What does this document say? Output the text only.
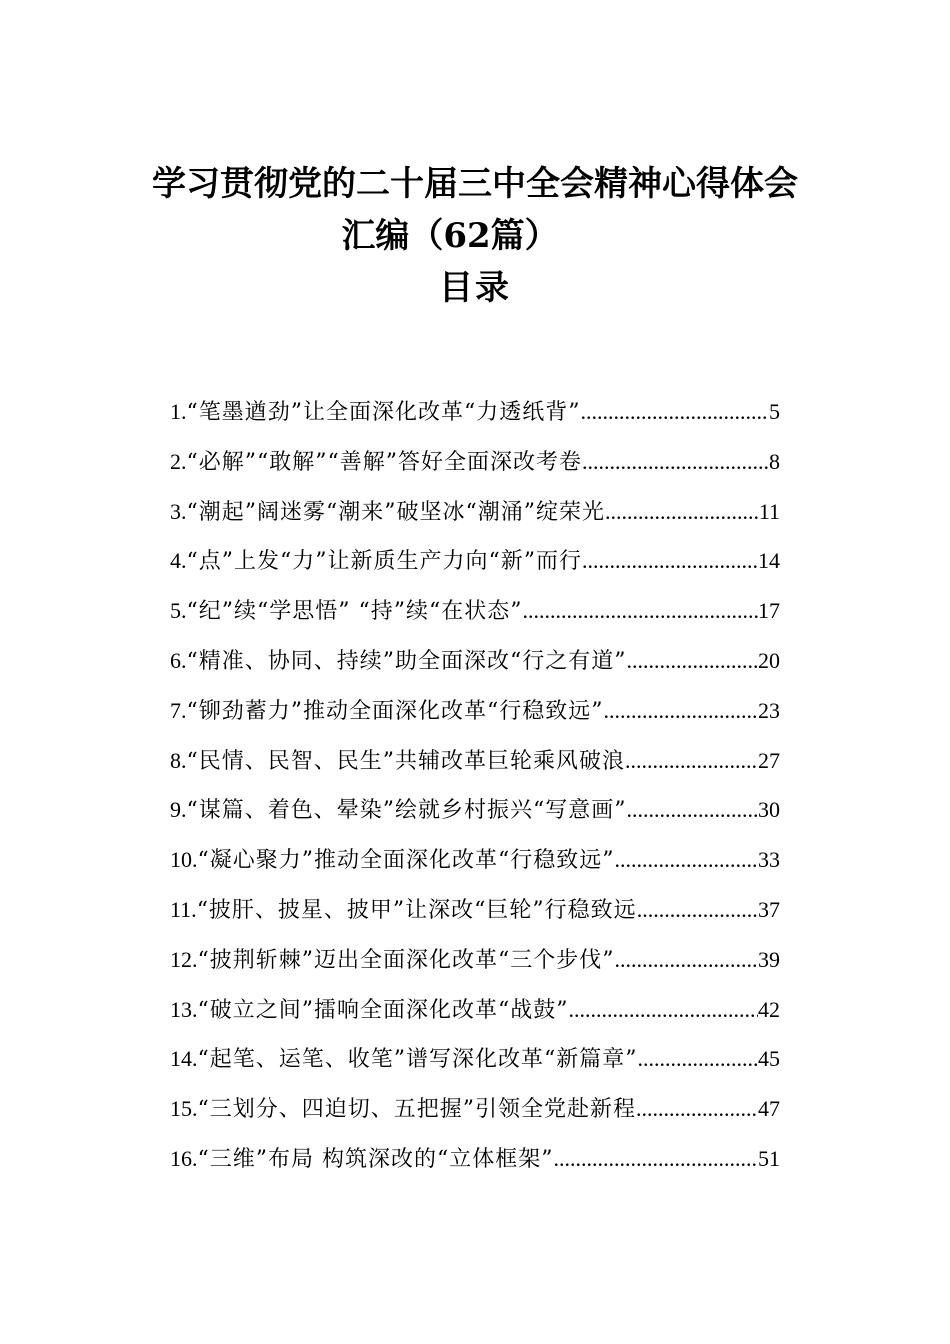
学习贯彻党的二十届三中全会精神心得体会
汇编（62篇）
目录
1. “笔墨遒劲”让全面深化改革“力透纸背” .....	5
2. “必解”“敢解”“善解”答好全面深改考卷 .....	8
3. “潮起”阔迷雾“潮来”破坚冰“潮涌”绽荣光 .....	11
4. “点”上发“力”让新质生产力向“新”而行 .....	14
5. “纪”续“学思悟” “持”续“在状态” .....	17
6. “精准、协同、持续”助全面深改“行之有道” .....	20
7. “铆劲蓄力”推动全面深化改革“行稳致远” .....	23
8. “民情、民智、民生”共辅改革巨轮乘风破浪 .....	27
9. “谋篇、着色、晕染”绘就乡村振兴“写意画” .....	30
10. “凝心聚力”推动全面深化改革“行稳致远” .....	33
11. “披肝、披星、披甲”让深改“巨轮”行稳致远 .....	37
12. “披荆斩棘”迈出全面深化改革“三个步伐” .....	39
13. “破立之间”擂响全面深化改革“战鼓” .....	42
14. “起笔、运笔、收笔”谱写深化改革“新篇章” .....	45
15. “三划分、四迫切、五把握”引领全党赴新程 .....	47
16. “三维”布局 构筑深改的“立体框架” .....	51
